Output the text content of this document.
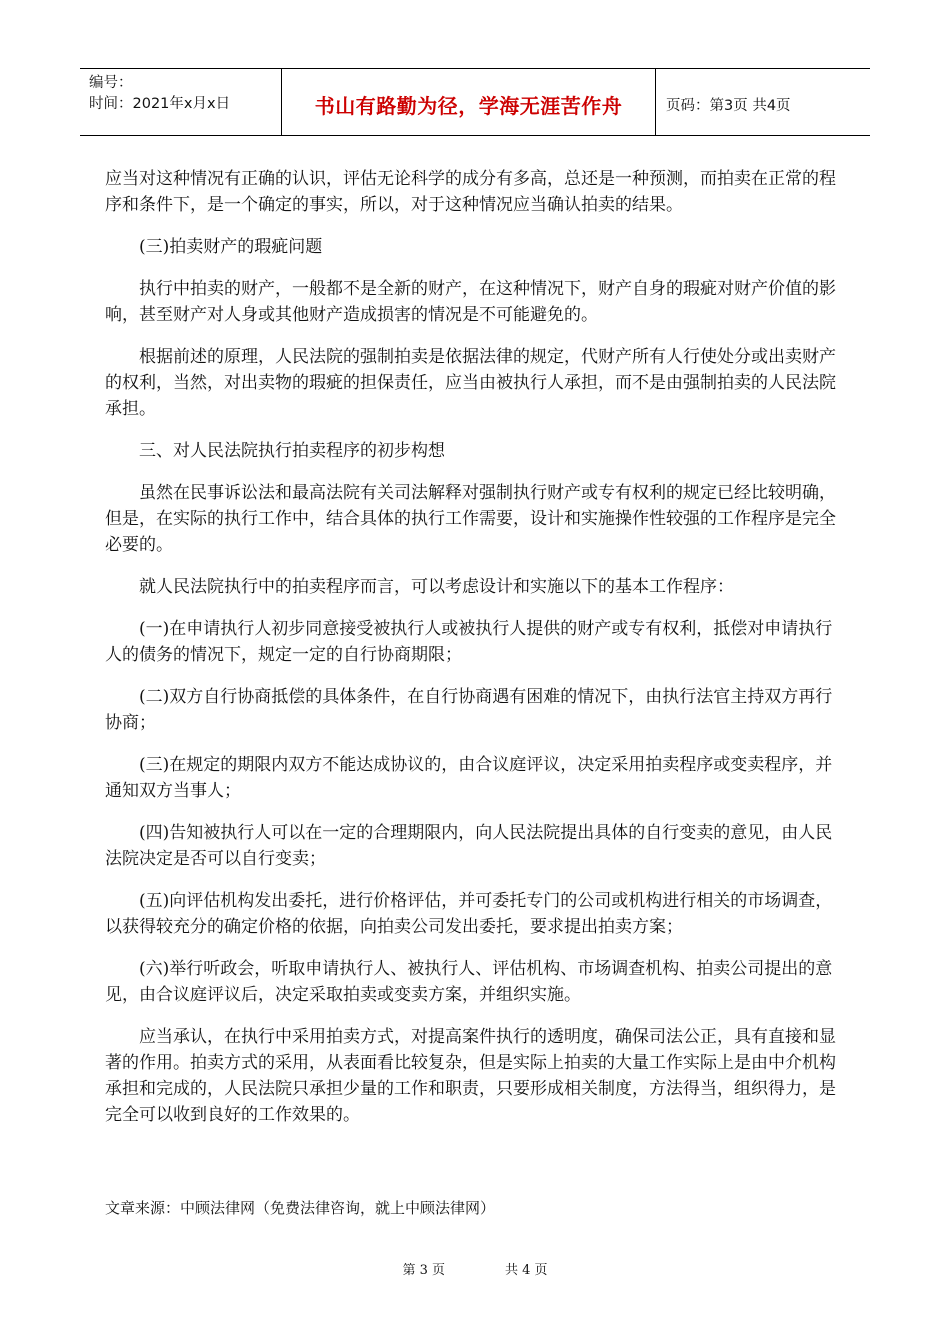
编号：
时间：2021年x月x日	书山有路勤为径，学海无涯苦作舟	页码：第3页 共4页

应当对这种情况有正确的认识，评估无论科学的成分有多高，总还是一种预测，而拍卖在正常的程序和条件下，是一个确定的事实，所以，对于这种情况应当确认拍卖的结果。

(三)拍卖财产的瑕疵问题

执行中拍卖的财产，一般都不是全新的财产，在这种情况下，财产自身的瑕疵对财产价值的影响，甚至财产对人身或其他财产造成损害的情况是不可能避免的。

根据前述的原理，人民法院的强制拍卖是依据法律的规定，代财产所有人行使处分或出卖财产的权利，当然，对出卖物的瑕疵的担保责任，应当由被执行人承担，而不是由强制拍卖的人民法院承担。

三、对人民法院执行拍卖程序的初步构想

虽然在民事诉讼法和最高法院有关司法解释对强制执行财产或专有权利的规定已经比较明确，但是，在实际的执行工作中，结合具体的执行工作需要，设计和实施操作性较强的工作程序是完全必要的。

就人民法院执行中的拍卖程序而言，可以考虑设计和实施以下的基本工作程序：

(一)在申请执行人初步同意接受被执行人或被执行人提供的财产或专有权利，抵偿对申请执行人的债务的情况下，规定一定的自行协商期限；

(二)双方自行协商抵偿的具体条件，在自行协商遇有困难的情况下，由执行法官主持双方再行协商；

(三)在规定的期限内双方不能达成协议的，由合议庭评议，决定采用拍卖程序或变卖程序，并通知双方当事人；

(四)告知被执行人可以在一定的合理期限内，向人民法院提出具体的自行变卖的意见，由人民法院决定是否可以自行变卖；

(五)向评估机构发出委托，进行价格评估，并可委托专门的公司或机构进行相关的市场调查，以获得较充分的确定价格的依据，向拍卖公司发出委托，要求提出拍卖方案；

(六)举行听政会，听取申请执行人、被执行人、评估机构、市场调查机构、拍卖公司提出的意见，由合议庭评议后，决定采取拍卖或变卖方案，并组织实施。

应当承认，在执行中采用拍卖方式，对提高案件执行的透明度，确保司法公正，具有直接和显著的作用。拍卖方式的采用，从表面看比较复杂，但是实际上拍卖的大量工作实际上是由中介机构承担和完成的，人民法院只承担少量的工作和职责，只要形成相关制度，方法得当，组织得力，是完全可以收到良好的工作效果的。

文章来源：中顾法律网（免费法律咨询，就上中顾法律网）
第 3 页	共 4 页
